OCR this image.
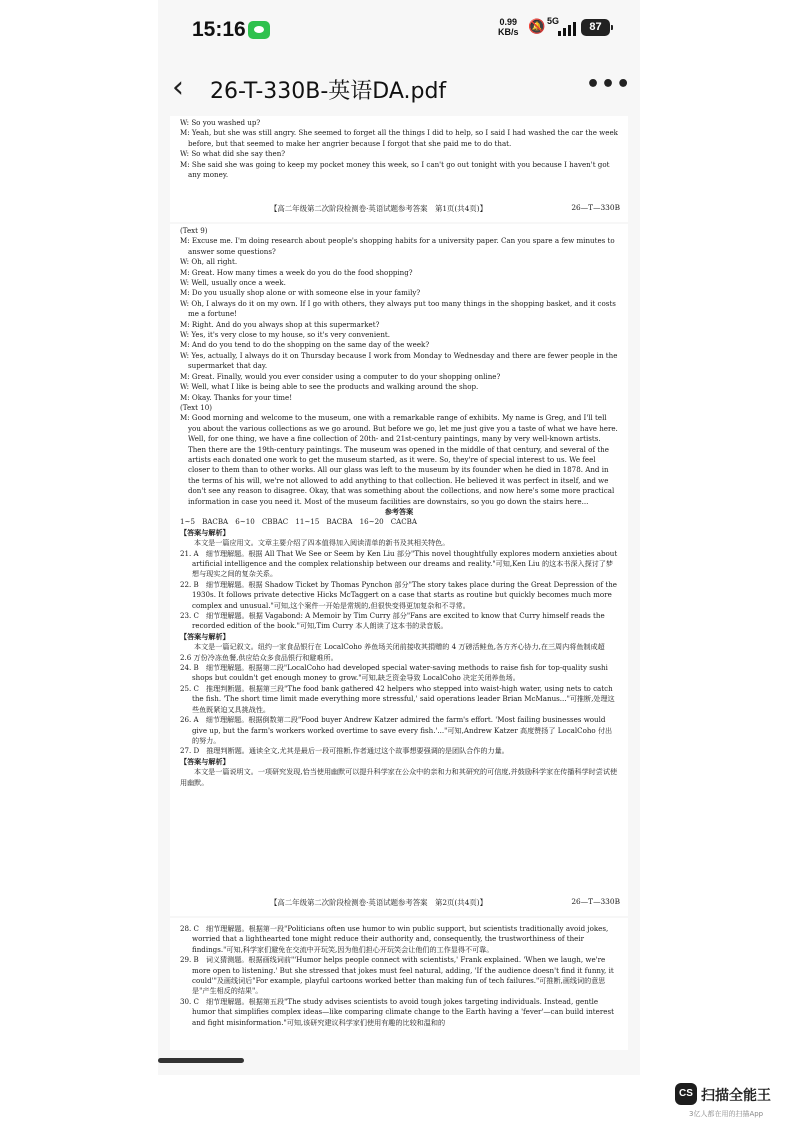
15:16	0.99
KB/s 🔕 5G	87
‹	26-T-330B-英语DA.pdf	•••

W: So you washed up?

M: Yeah, but she was still angry. She seemed to forget all the things I did to help, so I said I had washed the car the week before, but that seemed to make her angrier because I forgot that she paid me to do that.

W: So what did she say then?

M: She said she was going to keep my pocket money this week, so I can't go out tonight with you because I haven't got any money.

【高二年级第二次阶段检测卷·英语试题参考答案　第1页(共4页)】	26—T—330B

(Text 9)

M: Excuse me. I'm doing research about people's shopping habits for a university paper. Can you spare a few minutes to answer some questions?

W: Oh, all right.

M: Great. How many times a week do you do the food shopping?

W: Well, usually once a week.

M: Do you usually shop alone or with someone else in your family?

W: Oh, I always do it on my own. If I go with others, they always put too many things in the shopping basket, and it costs me a fortune!

M: Right. And do you always shop at this supermarket?

W: Yes, it's very close to my house, so it's very convenient.

M: And do you tend to do the shopping on the same day of the week?

W: Yes, actually, I always do it on Thursday because I work from Monday to Wednesday and there are fewer people in the supermarket that day.

M: Great. Finally, would you ever consider using a computer to do your shopping online?

W: Well, what I like is being able to see the products and walking around the shop.

M: Okay. Thanks for your time!

(Text 10)

M: Good morning and welcome to the museum, one with a remarkable range of exhibits. My name is Greg, and I'll tell you about the various collections as we go around. But before we go, let me just give you a taste of what we have here. Well, for one thing, we have a fine collection of 20th- and 21st-century paintings, many by very well-known artists. Then there are the 19th-century paintings. The museum was opened in the middle of that century, and several of the artists each donated one work to get the museum started, as it were. So, they're of special interest to us. We feel closer to them than to other works. All our glass was left to the museum by its founder when he died in 1878. And in the terms of his will, we're not allowed to add anything to that collection. He believed it was perfect in itself, and we don't see any reason to disagree. Okay, that was something about the collections, and now here's some more practical information in case you need it. Most of the museum facilities are downstairs, so you go down the stairs here...

参考答案

1~5　BACBA　6~10　CBBAC　11~15　BACBA　16~20　CACBA

【答案与解析】

本文是一篇应用文。文章主要介绍了四本值得加入阅读清单的新书及其相关特色。

21. A　细节理解题。根据 All That We See or Seem by Ken Liu 部分"This novel thoughtfully explores modern anxieties about artificial intelligence and the complex relationship between our dreams and reality."可知,Ken Liu 的这本书深入探讨了梦想与现实之间的复杂关系。

22. B　细节理解题。根据 Shadow Ticket by Thomas Pynchon 部分"The story takes place during the Great Depression of the 1930s. It follows private detective Hicks McTaggert on a case that starts as routine but quickly becomes much more complex and unusual."可知,这个案件一开始是常规的,但很快变得更加复杂和不寻常。

23. C　细节理解题。根据 Vagabond: A Memoir by Tim Curry 部分"Fans are excited to know that Curry himself reads the recorded edition of the book."可知,Tim Curry 本人朗读了这本书的录音版。

【答案与解析】

本文是一篇记叙文。纽约一家食品银行在 LocalCoho 养鱼场关闭前接收其捐赠的 4 万磅活鲑鱼,各方齐心协力,在三周内将鱼制成超 2.6 万份冷冻鱼餐,供应给众多食品银行和避难所。

24. B　细节理解题。根据第二段"LocalCoho had developed special water-saving methods to raise fish for top-quality sushi shops but couldn't get enough money to grow."可知,缺乏资金导致 LocalCoho 决定关闭养鱼场。

25. C　推理判断题。根据第三段"The food bank gathered 42 helpers who stepped into waist-high water, using nets to catch the fish. 'The short time limit made everything more stressful,' said operations leader Brian McManus..."可推断,处理这些鱼既紧迫又具挑战性。

26. A　细节理解题。根据倒数第二段"Food buyer Andrew Katzer admired the farm's effort. 'Most failing businesses would give up, but the farm's workers worked overtime to save every fish.'..."可知,Andrew Katzer 高度赞扬了 LocalCoho 付出的努力。

27. D　推理判断题。通读全文,尤其是最后一段可推断,作者通过这个故事想要强调的是团队合作的力量。

【答案与解析】

本文是一篇说明文。一项研究发现,恰当使用幽默可以提升科学家在公众中的亲和力和其研究的可信度,并鼓励科学家在传播科学时尝试使用幽默。

【高二年级第二次阶段检测卷·英语试题参考答案　第2页(共4页)】	26—T—330B

28. C　细节理解题。根据第一段"Politicians often use humor to win public support, but scientists traditionally avoid jokes, worried that a lighthearted tone might reduce their authority and, consequently, the trustworthiness of their findings."可知,科学家们避免在交流中开玩笑,因为他们担心开玩笑会让他们的工作显得不可靠。

29. B　词义猜测题。根据画线词前"'Humor helps people connect with scientists,' Frank explained. 'When we laugh, we're more open to listening.' But she stressed that jokes must feel natural, adding, 'If the audience doesn't find it funny, it could'"及画线词后"For example, playful cartoons worked better than making fun of tech failures."可推断,画线词的意思是"产生相反的结果"。

30. C　细节理解题。根据第五段"The study advises scientists to avoid tough jokes targeting individuals. Instead, gentle humor that simplifies complex ideas—like comparing climate change to the Earth having a 'fever'—can build interest and fight misinformation."可知,该研究建议科学家们使用有趣的比较和温和的

CS 扫描全能王
3亿人都在用的扫描App
